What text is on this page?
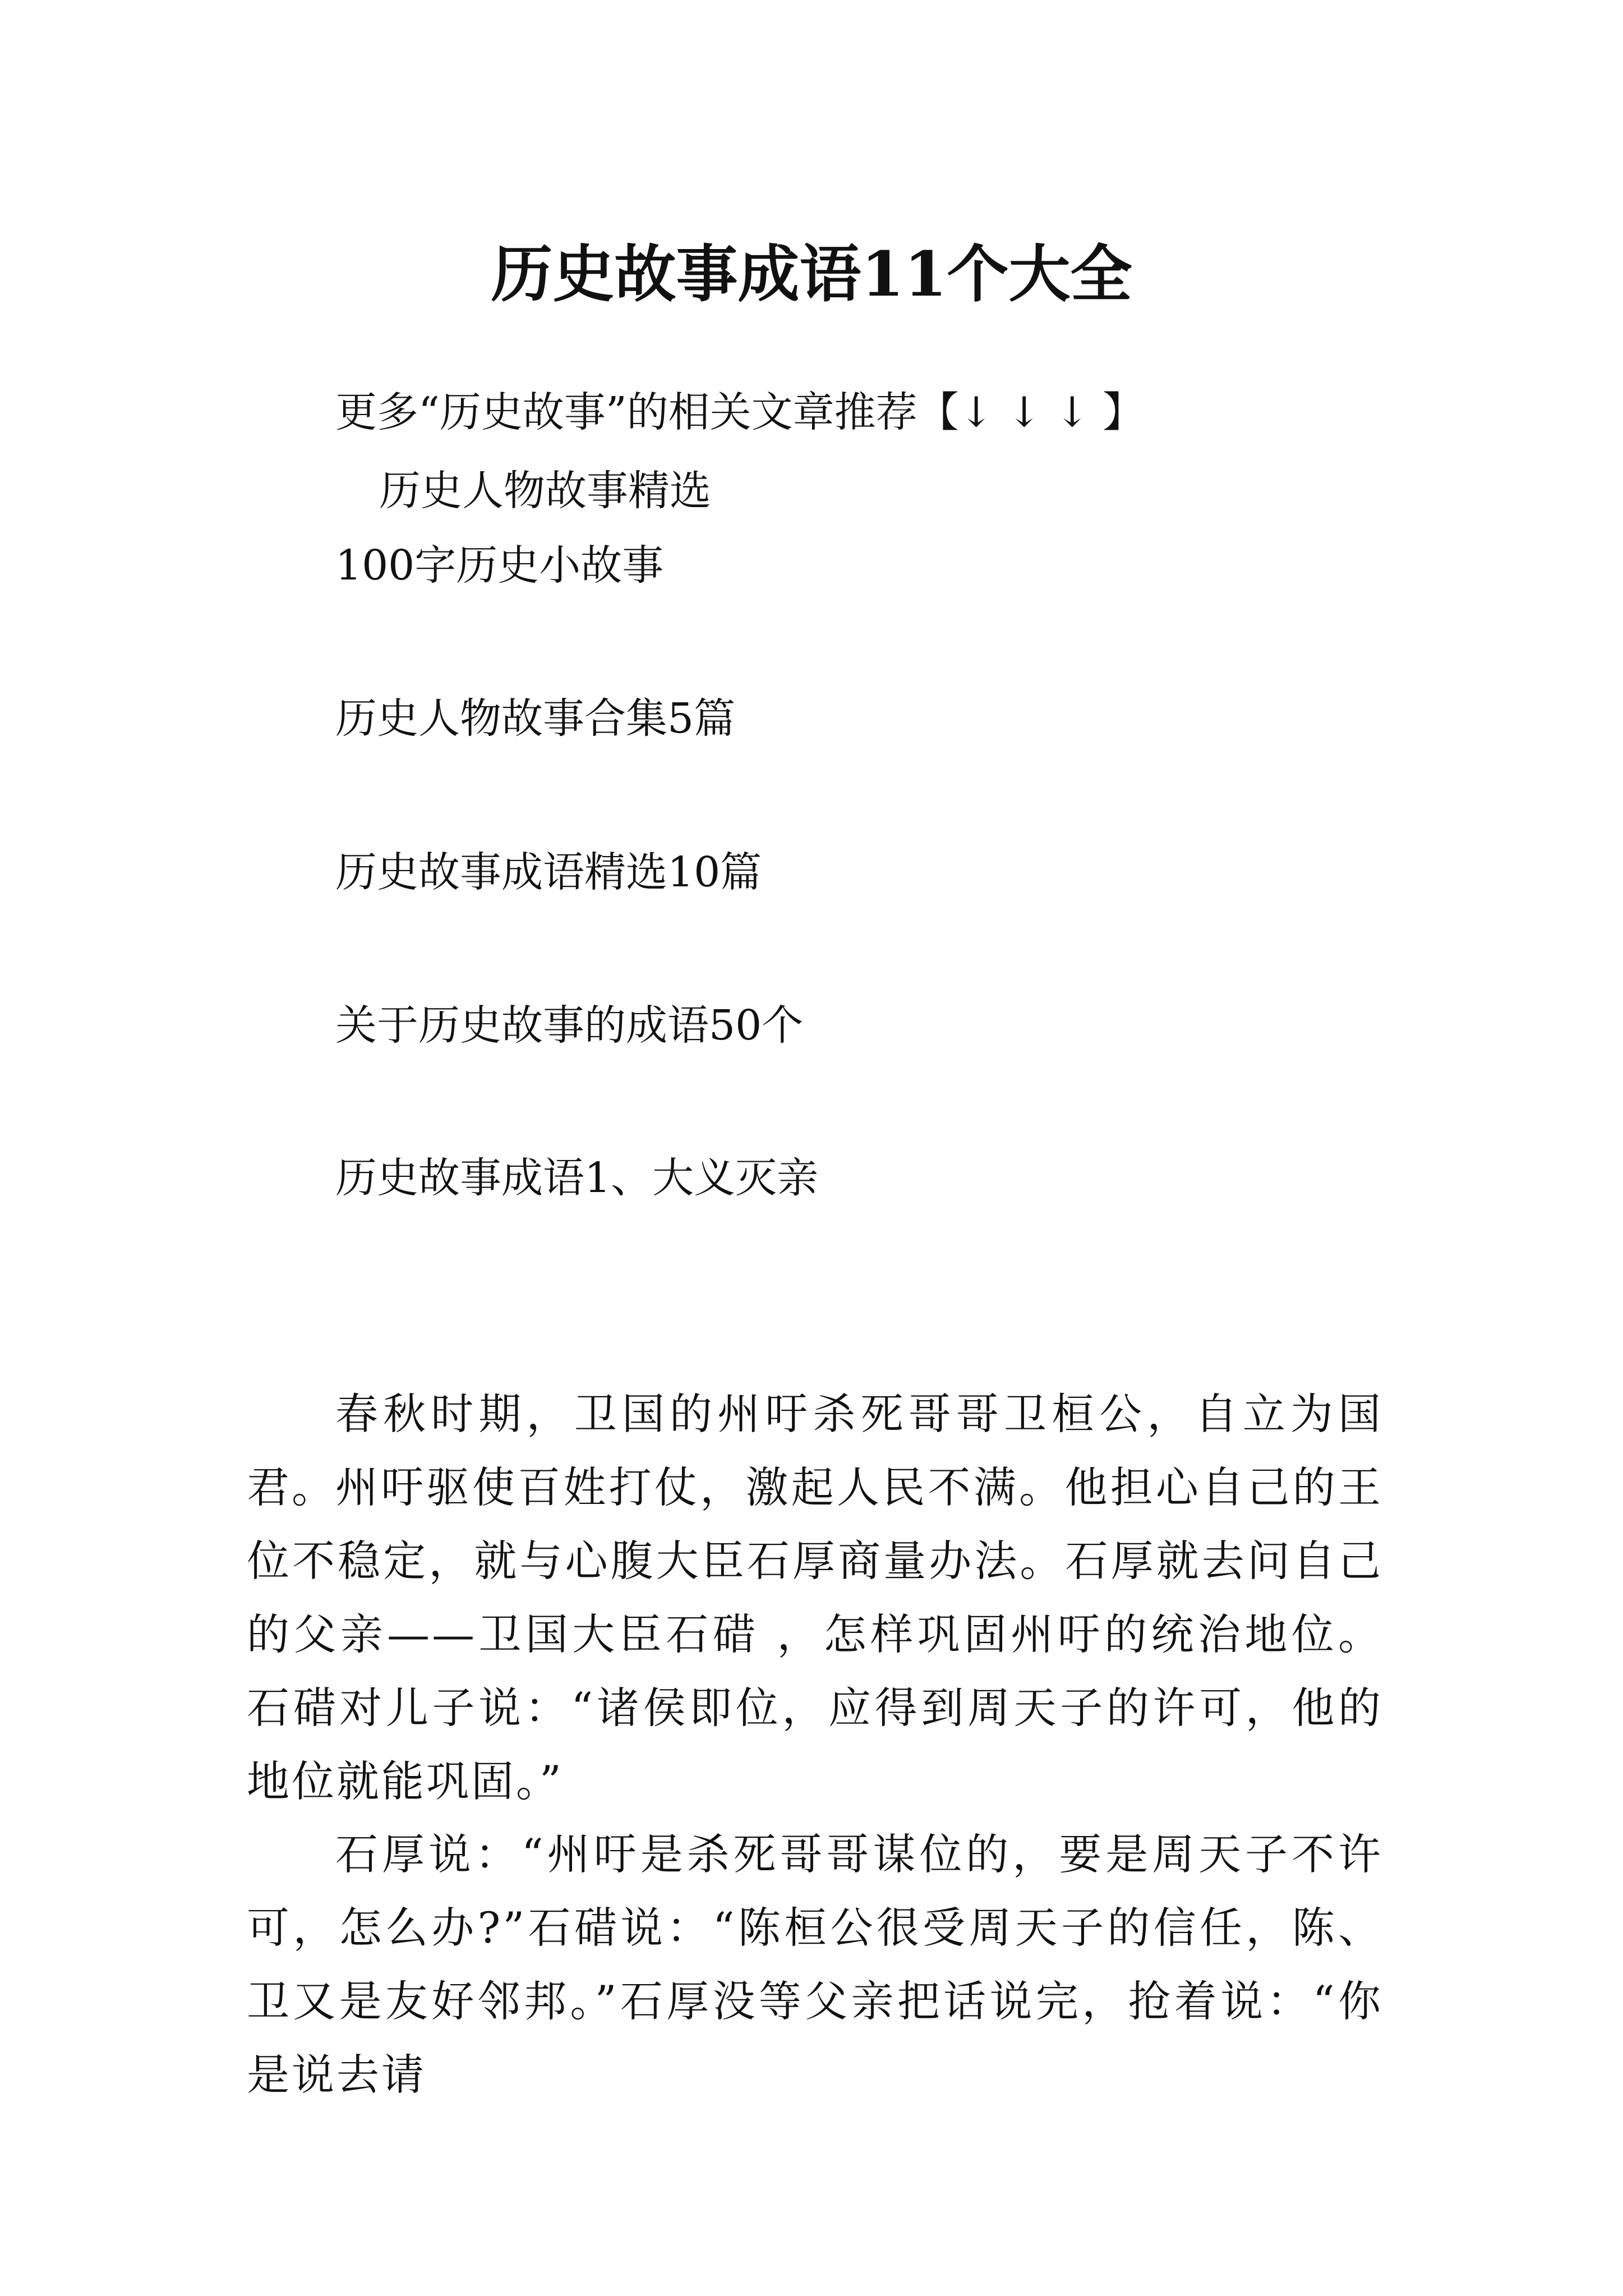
历史故事成语11个大全
更多“历史故事”的相关文章推荐【↓ ↓ ↓ 】
历史人物故事精选
100字历史小故事
历史人物故事合集5篇
历史故事成语精选10篇
关于历史故事的成语50个
历史故事成语1、大义灭亲

春秋时期，卫国的州吁杀死哥哥卫桓公，自立为国君。

州吁驱使百姓打仗，激起人民不满。他担心自己的王位不稳定，就与心腹大臣石厚商量办法。石厚就去问自己的父亲——卫国大臣石碏 ，怎样巩固州吁的统治地位。石碏对儿子说：“诸侯即位，应得到周天子的许可，他的地位就能巩固。”

石厚说：“州吁是杀死哥哥谋位的，要是周天子不许可，怎么办?”石碏说：“陈桓公很受周天子的信任，陈、卫又是友好邻邦。”石厚没等父亲把话说完，抢着说：“你是说去请
